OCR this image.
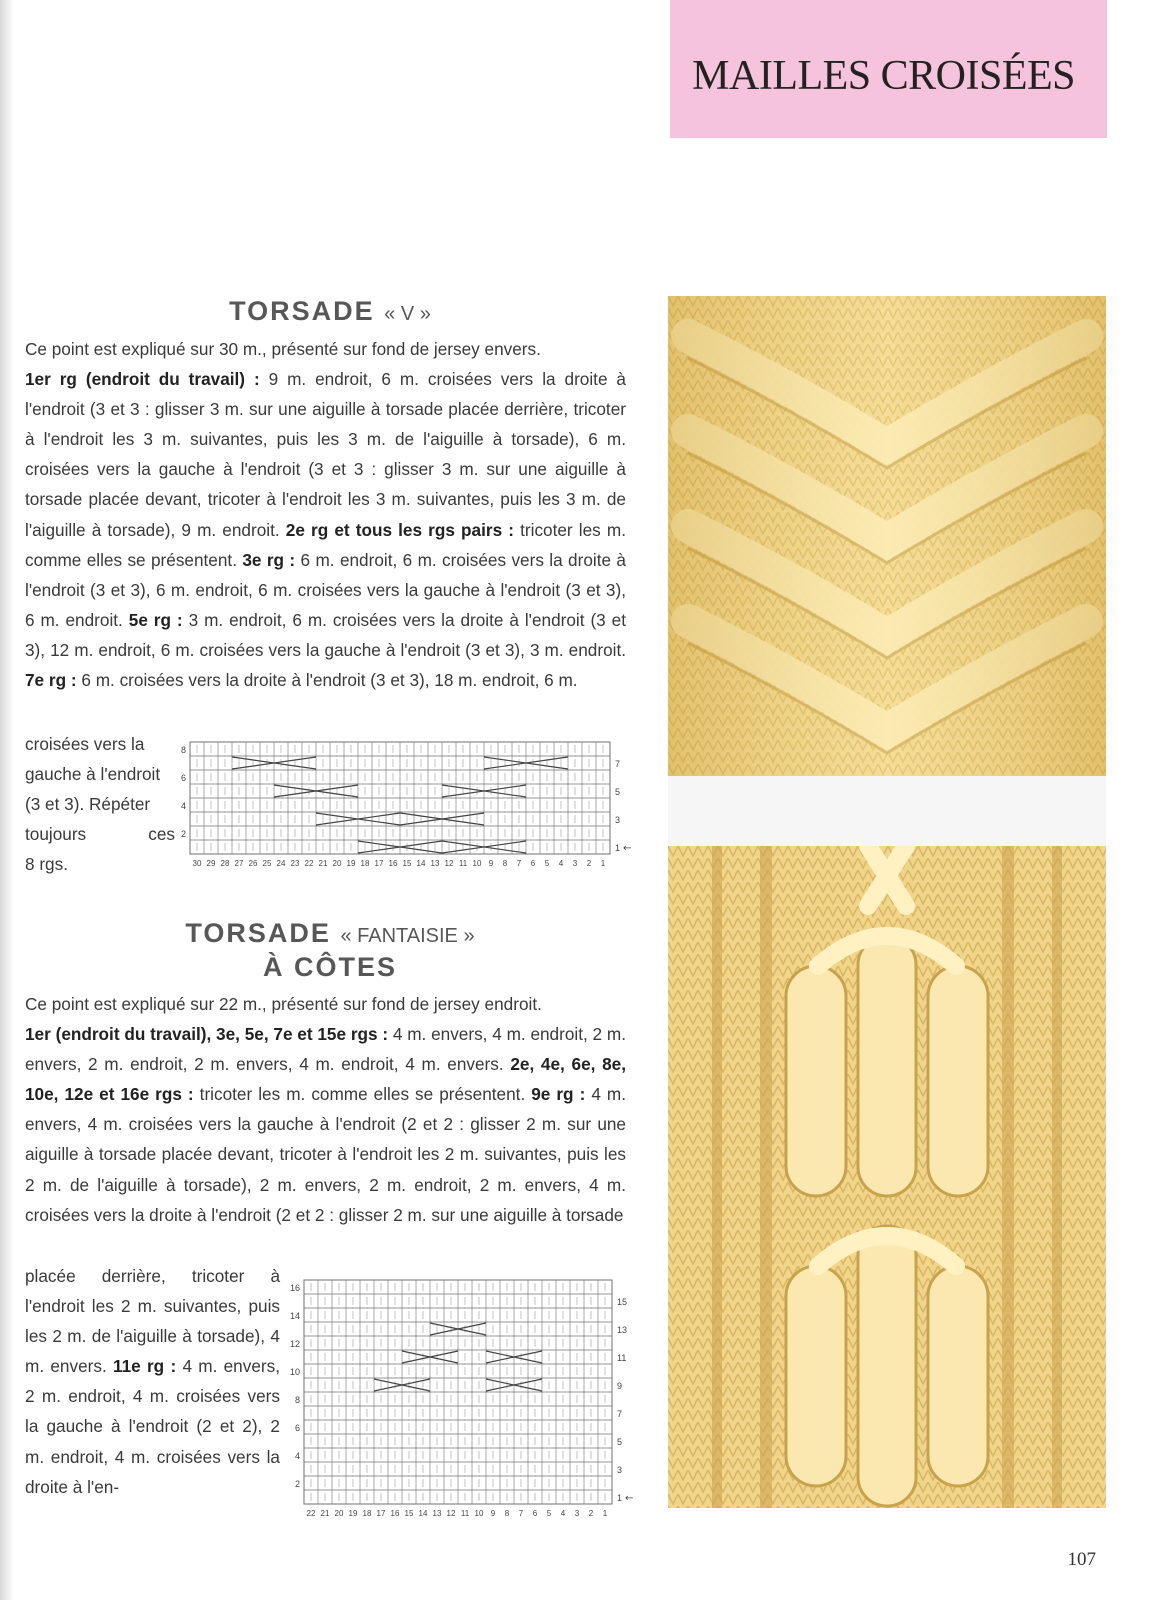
MAILLES CROISÉES
TORSADE « V »
Ce point est expliqué sur 30 m., présenté sur fond de jersey envers.
1er rg (endroit du travail) : 9 m. endroit, 6 m. croisées vers la droite à l'endroit (3 et 3 : glisser 3 m. sur une aiguille à torsade placée derrière, tricoter à l'endroit les 3 m. suivantes, puis les 3 m. de l'aiguille à torsade), 6 m. croisées vers la gauche à l'endroit (3 et 3 : glisser 3 m. sur une aiguille à torsade placée devant, tricoter à l'endroit les 3 m. suivantes, puis les 3 m. de l'aiguille à torsade), 9 m. endroit. 2e rg et tous les rgs pairs : tricoter les m. comme elles se présentent. 3e rg : 6 m. endroit, 6 m. croisées vers la droite à l'endroit (3 et 3), 6 m. endroit, 6 m. croisées vers la gauche à l'endroit (3 et 3), 6 m. endroit. 5e rg : 3 m. endroit, 6 m. croisées vers la droite à l'endroit (3 et 3), 12 m. endroit, 6 m. croisées vers la gauche à l'endroit (3 et 3), 3 m. endroit. 7e rg : 6 m. croisées vers la droite à l'endroit (3 et 3), 18 m. endroit, 6 m.
croisées vers la
gauche à l'endroit
(3 et 3). Répéter
toujours ces
8 rgs.
8
6
4
2
7
5
3
1 ←
30 29 28 27 26 25 24 23 22 21 20 19 18 17 16 15 14 13 12 11 10 9 8 7 6 5 4 3 2 1
TORSADE « FANTAISIE »
À CÔTES
Ce point est expliqué sur 22 m., présenté sur fond de jersey endroit.
1er (endroit du travail), 3e, 5e, 7e et 15e rgs : 4 m. envers, 4 m. endroit, 2 m. envers, 2 m. endroit, 2 m. envers, 4 m. endroit, 4 m. envers. 2e, 4e, 6e, 8e, 10e, 12e et 16e rgs : tricoter les m. comme elles se présentent. 9e rg : 4 m. envers, 4 m. croisées vers la gauche à l'endroit (2 et 2 : glisser 2 m. sur une aiguille à torsade placée devant, tricoter à l'endroit les 2 m. suivantes, puis les 2 m. de l'aiguille à torsade), 2 m. envers, 2 m. endroit, 2 m. envers, 4 m. croisées vers la droite à l'endroit (2 et 2 : glisser 2 m. sur une aiguille à torsade
placée derrière, tricoter à l'endroit les 2 m. suivantes, puis les 2 m. de l'aiguille à torsade), 4 m. envers. 11e rg : 4 m. envers, 2 m. endroit, 4 m. croisées vers la gauche à l'endroit (2 et 2), 2 m. endroit, 4 m. croisées vers la droite à l'en-
16
14
12
10
8
6
4
2
15
13
11
9
7
5
3
1 ←
22 21 20 19 18 17 16 15 14 13 12 11 10 9 8 7 6 5 4 3 2 1
107
